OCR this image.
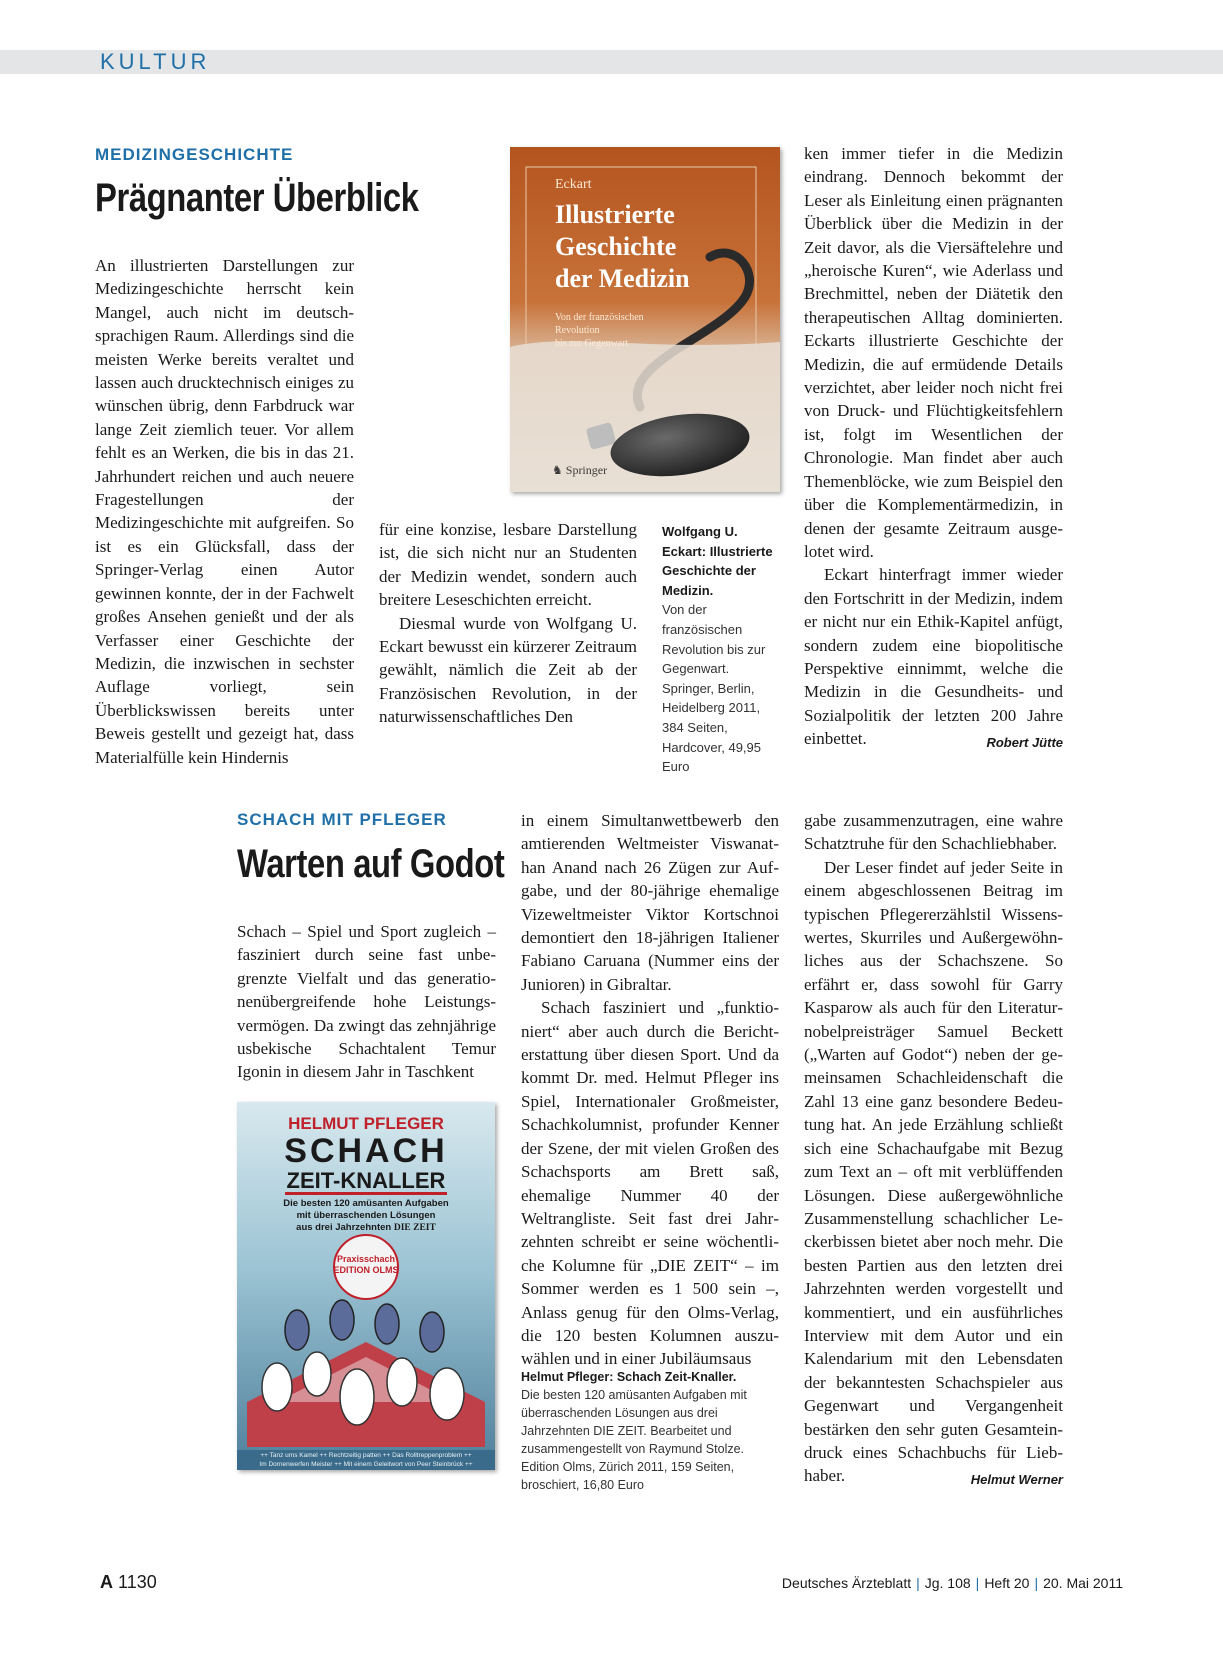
KULTUR
MEDIZINGESCHICHTE
Prägnanter Überblick

An illustrierten Darstellungen zur Medizingeschichte herrscht kein Mangel, auch nicht im deutschsprachigen Raum. Allerdings sind die meisten Werke bereits veraltet und lassen auch drucktechnisch einiges zu wünschen übrig, denn Farbdruck war lange Zeit ziemlich teuer. Vor allem fehlt es an Werken, die bis in das 21. Jahrhundert reichen und auch neuere Fragestellungen der Medizingeschichte mit aufgreifen. So ist es ein Glücksfall, dass der Springer-Verlag einen Autor gewinnen konnte, der in der Fachwelt großes Ansehen genießt und der als Verfasser einer Geschichte der Medizin, die inzwischen in sechster Auflage vorliegt, sein Überblickswissen bereits unter Beweis gestellt und gezeigt hat, dass Materialfülle kein Hindernis

Eckart
Illustrierte
Geschichte
der Medizin
Von der französischen
Revolution
bis zur Gegenwart
♞ Springer

für eine konzise, lesbare Darstellung ist, die sich nicht nur an Studenten der Medizin wendet, sondern auch breitere Leseschichten erreicht.

Diesmal wurde von Wolfgang U. Eckart bewusst ein kürzerer Zeitraum gewählt, nämlich die Zeit ab der Französischen Revolution, in der naturwissenschaftliches Den

Wolfgang U. Eckart: Illustrierte Geschichte der Medizin.
Von der französischen Revolution bis zur Gegenwart. Springer, Berlin, Heidelberg 2011, 384 Seiten, Hardcover, 49,95 Euro

ken immer tiefer in die Medizin eindrang. Dennoch bekommt der Leser als Einleitung einen prägnanten Überblick über die Medizin in der Zeit davor, als die Viersäftelehre und „heroische Kuren“, wie Aderlass und Brechmittel, neben der Diätetik den therapeutischen Alltag dominierten. Eckarts illustrierte Geschichte der Medizin, die auf ermüdende Details verzichtet, aber leider noch nicht frei von Druck- und Flüchtigkeitsfehlern ist, folgt im Wesentlichen der Chronologie. Man findet aber auch Themenblöcke, wie zum Beispiel den über die Komplementärmedizin, in denen der gesamte Zeitraum ausgelotet wird.

Eckart hinterfragt immer wieder den Fortschritt in der Medizin, indem er nicht nur ein Ethik-Kapitel anfügt, sondern zudem eine biopolitische Perspektive einnimmt, welche die Medizin in die Gesundheits- und Sozialpolitik der letzten 200 Jahre einbettet.	Robert Jütte

SCHACH MIT PFLEGER
Warten auf Godot

Schach – Spiel und Sport zugleich – fasziniert durch seine fast unbegrenzte Vielfalt und das generationenübergreifende hohe Leistungsvermögen. Da zwingt das zehnjährige usbekische Schachtalent Temur Igonin in diesem Jahr in Taschkent

HELMUT PFLEGER
SCHACH
ZEIT-KNALLER
Die besten 120 amüsanten Aufgaben
mit überraschenden Lösungen
aus drei Jahrzehnten DIE ZEIT
Praxisschach
EDITION OLMS
++ Tanz ums Kamel ++ Rechtzeitig patten ++ Das Rolltreppenproblem ++
Im Dornenwerfen Meister ++ Mit einem Geleitwort von Peer Steinbrück ++

in einem Simultanwettbewerb den amtierenden Weltmeister Viswanathan Anand nach 26 Zügen zur Aufgabe, und der 80-jährige ehemalige Vizeweltmeister Viktor Kortschnoi demontiert den 18-jährigen Italiener Fabiano Caruana (Nummer eins der Junioren) in Gibraltar.

Schach fasziniert und „funktioniert“ aber auch durch die Berichterstattung über diesen Sport. Und da kommt Dr. med. Helmut Pfleger ins Spiel, Internationaler Großmeister, Schachkolumnist, profunder Kenner der Szene, der mit vielen Großen des Schachsports am Brett saß, ehemalige Nummer 40 der Weltrangliste. Seit fast drei Jahrzehnten schreibt er seine wöchentliche Kolumne für „DIE ZEIT“ – im Sommer werden es 1 500 sein –, Anlass genug für den Olms-Verlag, die 120 besten Kolumnen auszuwählen und in einer Jubiläumsaus

Helmut Pfleger: Schach Zeit-Knaller.
Die besten 120 amüsanten Aufgaben mit überraschenden Lösungen aus drei Jahrzehnten DIE ZEIT. Bearbeitet und zusammengestellt von Raymund Stolze. Edition Olms, Zürich 2011, 159 Seiten, broschiert, 16,80 Euro

gabe zusammenzutragen, eine wahre Schatztruhe für den Schachliebhaber.

Der Leser findet auf jeder Seite in einem abgeschlossenen Beitrag im typischen Pflegererzählstil Wissenswertes, Skurriles und Außergewöhnliches aus der Schachszene. So erfährt er, dass sowohl für Garry Kasparow als auch für den Literaturnobelpreisträger Samuel Beckett („Warten auf Godot“) neben der gemeinsamen Schachleidenschaft die Zahl 13 eine ganz besondere Bedeutung hat. An jede Erzählung schließt sich eine Schachaufgabe mit Bezug zum Text an – oft mit verblüffenden Lösungen. Diese außergewöhnliche Zusammenstellung schachlicher Leckerbissen bietet aber noch mehr. Die besten Partien aus den letzten drei Jahrzehnten werden vorgestellt und kommentiert, und ein ausführliches Interview mit dem Autor und ein Kalendarium mit den Lebensdaten der bekanntesten Schachspieler aus Gegenwart und Vergangenheit bestärken den sehr guten Gesamteindruck eines Schachbuchs für Liebhaber.	Helmut Werner

A 1130	Deutsches Ärzteblatt | Jg. 108 | Heft 20 | 20. Mai 2011
